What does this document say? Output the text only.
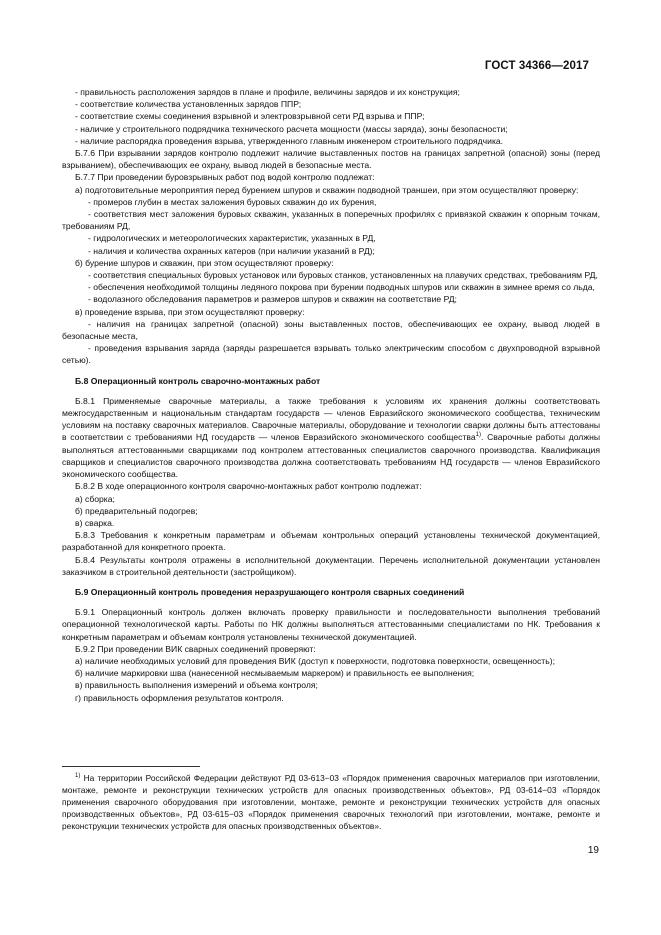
ГОСТ 34366—2017

- правильность расположения зарядов в плане и профиле, величины зарядов и их конструкция;

- соответствие количества установленных зарядов ППР;

- соответствие схемы соединения взрывной и электровзрывной сети РД взрыва и ППР;

- наличие у строительного подрядчика технического расчета мощности (массы заряда), зоны безопасности;

- наличие распорядка проведения взрыва, утвержденного главным инженером строительного подрядчика.

Б.7.6 При взрывании зарядов контролю подлежит наличие выставленных постов на границах запретной (опасной) зоны (перед взрыванием), обеспечивающих ее охрану, вывод людей в безопасные места.

Б.7.7 При проведении буровзрывных работ под водой контролю подлежат:

а) подготовительные мероприятия перед бурением шпуров и скважин подводной траншеи, при этом осуществляют проверку:

- промеров глубин в местах заложения буровых скважин до их бурения,

- соответствия мест заложения буровых скважин, указанных в поперечных профилях с привязкой скважин к опорным точкам, требованиям РД,

- гидрологических и метеорологических характеристик, указанных в РД,

- наличия и количества охранных катеров (при наличии указаний в РД);

б) бурение шпуров и скважин, при этом осуществляют проверку:

- соответствия специальных буровых установок или буровых станков, установленных на плавучих средствах, требованиям РД,

- обеспечения необходимой толщины ледяного покрова при бурении подводных шпуров или скважин в зимнее время со льда,

- водолазного обследования параметров и размеров шпуров и скважин на соответствие РД;

в) проведение взрыва, при этом осуществляют проверку:

- наличия на границах запретной (опасной) зоны выставленных постов, обеспечивающих ее охрану, вывод людей в безопасные места,

- проведения взрывания заряда (заряды разрешается взрывать только электрическим способом с двухпроводной взрывной сетью).

Б.8 Операционный контроль сварочно-монтажных работ

Б.8.1 Применяемые сварочные материалы, а также требования к условиям их хранения должны соответствовать межгосударственным и национальным стандартам государств — членов Евразийского экономического сообщества, техническим условиям на поставку сварочных материалов. Сварочные материалы, оборудование и технологии сварки должны быть аттестованы в соответствии с требованиями НД государств — членов Евразийского экономического сообщества$^{1)}$. Сварочные работы должны выполняться аттестованными сварщиками под контролем аттестованных специалистов сварочного производства. Квалификация сварщиков и специалистов сварочного производства должна соответствовать требованиям НД государств — членов Евразийского экономического сообщества.

Б.8.2 В ходе операционного контроля сварочно-монтажных работ контролю подлежат:

а) сборка;

б) предварительный подогрев;

в) сварка.

Б.8.3 Требования к конкретным параметрам и объемам контрольных операций установлены технической документацией, разработанной для конкретного проекта.

Б.8.4 Результаты контроля отражены в исполнительной документации. Перечень исполнительной документации установлен заказчиком в строительной деятельности (застройщиком).

Б.9 Операционный контроль проведения неразрушающего контроля сварных соединений

Б.9.1 Операционный контроль должен включать проверку правильности и последовательности выполнения требований операционной технологической карты. Работы по НК должны выполняться аттестованными специалистами по НК. Требования к конкретным параметрам и объемам контроля установлены технической документацией.

Б.9.2 При проведении ВИК сварных соединений проверяют:

а) наличие необходимых условий для проведения ВИК (доступ к поверхности, подготовка поверхности, освещенность);

б) наличие маркировки шва (нанесенной несмываемым маркером) и правильность ее выполнения;

в) правильность выполнения измерений и объема контроля;

г) правильность оформления результатов контроля.

$^{1)}$ На территории Российской Федерации действуют РД 03-613−03 «Порядок применения сварочных материалов при изготовлении, монтаже, ремонте и реконструкции технических устройств для опасных производственных объектов», РД 03-614−03 «Порядок применения сварочного оборудования при изготовлении, монтаже, ремонте и реконструкции технических устройств для опасных производственных объектов», РД 03-615−03 «Порядок применения сварочных технологий при изготовлении, монтаже, ремонте и реконструкции технических устройств для опасных производственных объектов».

19
